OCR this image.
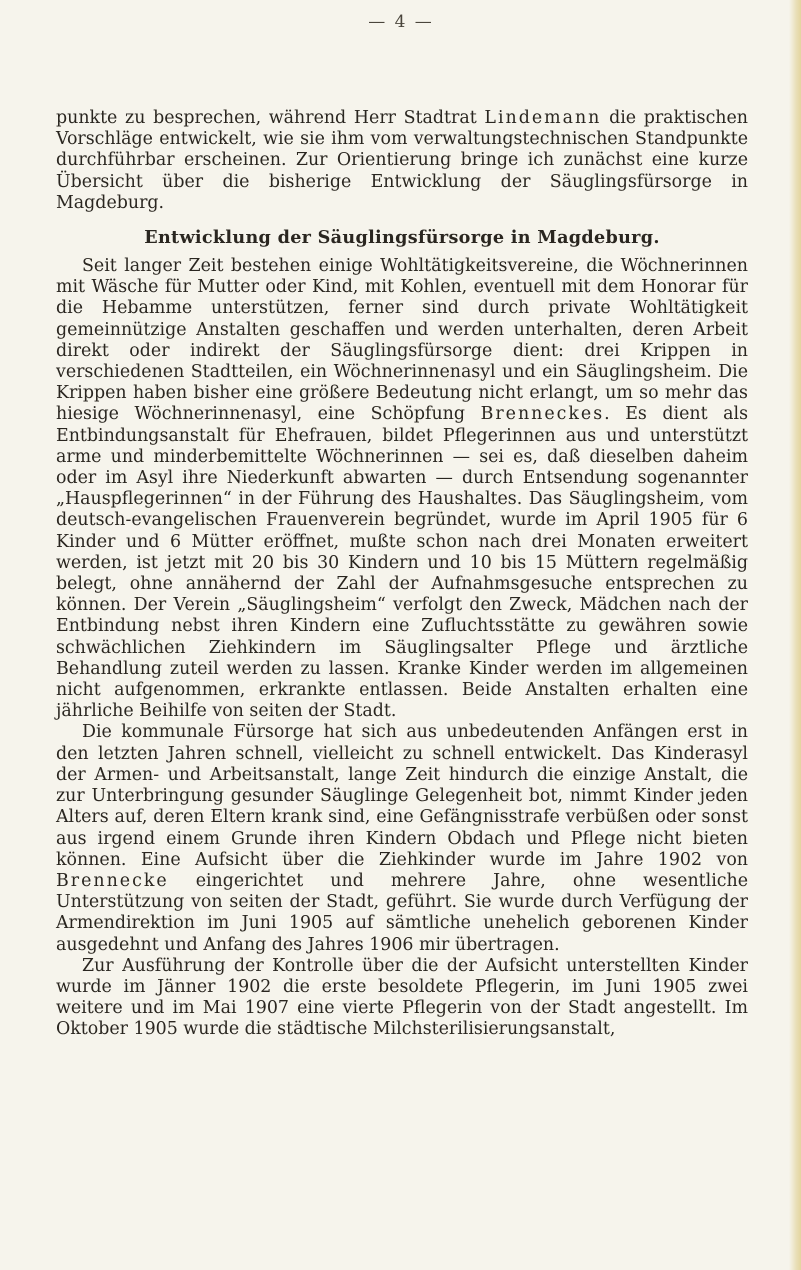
— 4 —

punkte zu besprechen, während Herr Stadtrat Lindemann die praktischen Vorschläge entwickelt, wie sie ihm vom verwaltungstechnischen Standpunkte durchführbar erscheinen. Zur Orientierung bringe ich zunächst eine kurze Übersicht über die bisherige Entwicklung der Säuglingsfürsorge in Magdeburg.

Entwicklung der Säuglingsfürsorge in Magdeburg.

Seit langer Zeit bestehen einige Wohltätigkeitsvereine, die Wöchnerinnen mit Wäsche für Mutter oder Kind, mit Kohlen, eventuell mit dem Honorar für die Hebamme unterstützen, ferner sind durch private Wohltätigkeit gemeinnützige Anstalten geschaffen und werden unterhalten, deren Arbeit direkt oder indirekt der Säuglingsfürsorge dient: drei Krippen in verschiedenen Stadtteilen, ein Wöchnerinnenasyl und ein Säuglingsheim. Die Krippen haben bisher eine größere Bedeutung nicht erlangt, um so mehr das hiesige Wöchnerinnenasyl, eine Schöpfung Brenneckes. Es dient als Entbindungsanstalt für Ehefrauen, bildet Pflegerinnen aus und unterstützt arme und minderbemittelte Wöchnerinnen — sei es, daß dieselben daheim oder im Asyl ihre Niederkunft abwarten — durch Entsendung sogenannter „Hauspflegerinnen“ in der Führung des Haushaltes. Das Säuglingsheim, vom deutsch-evangelischen Frauenverein begründet, wurde im April 1905 für 6 Kinder und 6 Mütter eröffnet, mußte schon nach drei Monaten erweitert werden, ist jetzt mit 20 bis 30 Kindern und 10 bis 15 Müttern regelmäßig belegt, ohne annähernd der Zahl der Aufnahmsgesuche entsprechen zu können. Der Verein „Säuglingsheim“ verfolgt den Zweck, Mädchen nach der Entbindung nebst ihren Kindern eine Zufluchtsstätte zu gewähren sowie schwächlichen Ziehkindern im Säuglingsalter Pflege und ärztliche Behandlung zuteil werden zu lassen. Kranke Kinder werden im allgemeinen nicht aufgenommen, erkrankte entlassen. Beide Anstalten erhalten eine jährliche Beihilfe von seiten der Stadt.

Die kommunale Fürsorge hat sich aus unbedeutenden Anfängen erst in den letzten Jahren schnell, vielleicht zu schnell entwickelt. Das Kinderasyl der Armen- und Arbeitsanstalt, lange Zeit hindurch die einzige Anstalt, die zur Unterbringung gesunder Säuglinge Gelegenheit bot, nimmt Kinder jeden Alters auf, deren Eltern krank sind, eine Gefängnisstrafe verbüßen oder sonst aus irgend einem Grunde ihren Kindern Obdach und Pflege nicht bieten können. Eine Aufsicht über die Ziehkinder wurde im Jahre 1902 von Brennecke eingerichtet und mehrere Jahre, ohne wesentliche Unterstützung von seiten der Stadt, geführt. Sie wurde durch Verfügung der Armendirektion im Juni 1905 auf sämtliche unehelich geborenen Kinder ausgedehnt und Anfang des Jahres 1906 mir übertragen.

Zur Ausführung der Kontrolle über die der Aufsicht unterstellten Kinder wurde im Jänner 1902 die erste besoldete Pflegerin, im Juni 1905 zwei weitere und im Mai 1907 eine vierte Pflegerin von der Stadt angestellt. Im Oktober 1905 wurde die städtische Milchsterilisierungsanstalt,
